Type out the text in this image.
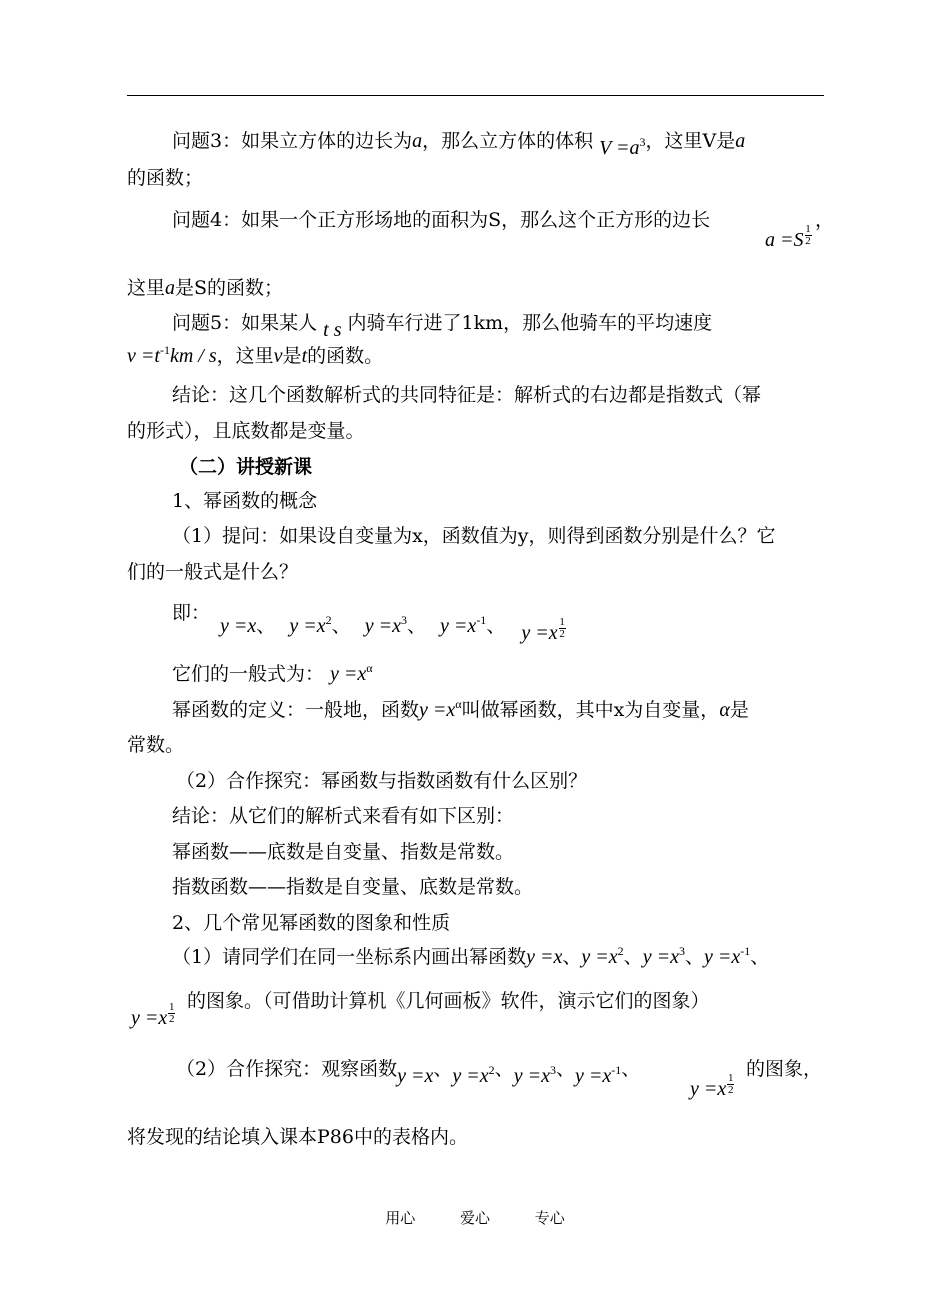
问题3：如果立方体的边长为a，那么立方体的体积 $V =a^3$，这里V是a
的函数；
问题4：如果一个正方形场地的面积为S，那么这个正方形的边长
$a =S \frac{1}{2}$
，
这里a是S的函数；
问题5：如果某人 t s 内骑车行进了1km，那么他骑车的平均速度
$v =t^{-1}km / s$，这里v是t的函数。
结论：这几个函数解析式的共同特征是：解析式的右边都是指数式（幂
的形式），且底数都是变量。
（二）讲授新课
1、幂函数的概念
（1）提问：如果设自变量为x，函数值为y，则得到函数分别是什么？它
们的一般式是什么？
即：
y =x、 $y =x^2$、 $y =x^3$、 $y =x^{-1}$、 $y =x \frac{1}{2}$
它们的一般式为： $y =x^\alpha$
幂函数的定义：一般地，函数$y =x^\alpha$叫做幂函数，其中x为自变量，α是
常数。
（2）合作探究：幂函数与指数函数有什么区别？
结论：从它们的解析式来看有如下区别：
幂函数——底数是自变量、指数是常数。
指数函数——指数是自变量、底数是常数。
2、几个常见幂函数的图象和性质
（1）请同学们在同一坐标系内画出幂函数y =x、$y =x^2$、$y =x^3$、$y =x^{-1}$、
$y =x \frac{1}{2}$
的图象。（可借助计算机《几何画板》软件，演示它们的图象）
（2）合作探究：观察函数y =x、$y =x^2$、$y =x^3$、$y =x^{-1}$、
$y =x \frac{1}{2}$
的图象，
将发现的结论填入课本P86中的表格内。
用心	爱心	专心
